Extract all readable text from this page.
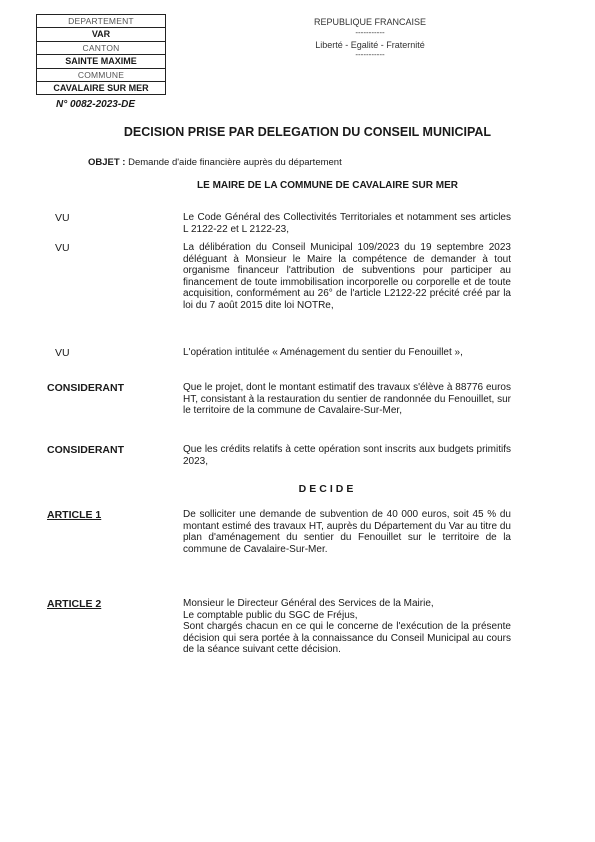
DEPARTEMENT
VAR
CANTON
SAINTE MAXIME
COMMUNE
CAVALAIRE SUR MER
REPUBLIQUE FRANCAISE
-----------
Liberté - Egalité - Fraternité
-----------
N° 0082-2023-DE
DECISION PRISE PAR DELEGATION DU CONSEIL MUNICIPAL
OBJET : Demande d'aide financière auprès du département
LE MAIRE DE LA COMMUNE DE CAVALAIRE SUR MER
VU	Le Code Général des Collectivités Territoriales et notamment ses articles L 2122-22 et L 2122-23,
VU	La délibération du Conseil Municipal 109/2023 du 19 septembre 2023 déléguant à Monsieur le Maire la compétence de demander à tout organisme financeur l'attribution de subventions pour participer au financement de toute immobilisation incorporelle ou corporelle et de toute acquisition, conformément au 26° de l'article L2122-22 précité créé par la loi du 7 août 2015 dite loi NOTRe,
VU	L'opération intitulée « Aménagement du sentier du Fenouillet »,
CONSIDERANT	Que le projet, dont le montant estimatif des travaux s'élève à 88776 euros HT, consistant à la restauration du sentier de randonnée du Fenouillet, sur le territoire de la commune de Cavalaire-Sur-Mer,
CONSIDERANT	Que les crédits relatifs à cette opération sont inscrits aux budgets primitifs 2023,
DECIDE
ARTICLE 1	De solliciter une demande de subvention de 40 000 euros, soit 45 % du montant estimé des travaux HT, auprès du Département du Var au titre du plan d'aménagement du sentier du Fenouillet sur le territoire de la commune de Cavalaire-Sur-Mer.
ARTICLE 2	Monsieur le Directeur Général des Services de la Mairie,

Le comptable public du SGC de Fréjus,

Sont chargés chacun en ce qui le concerne de l'exécution de la présente décision qui sera portée à la connaissance du Conseil Municipal au cours de la séance suivant cette décision.
